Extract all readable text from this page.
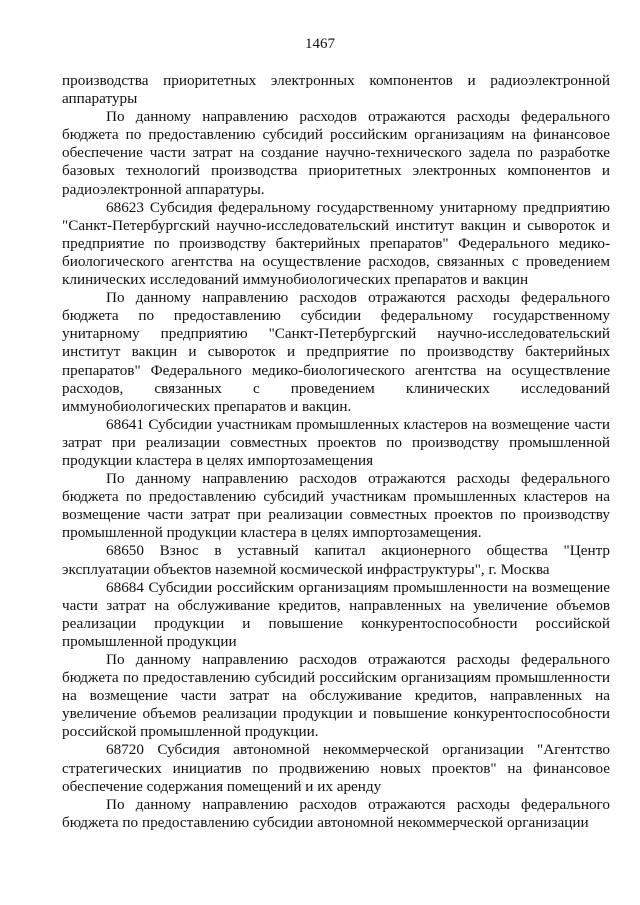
1467

производства приоритетных электронных компонентов и радиоэлектронной аппаратуры

По данному направлению расходов отражаются расходы федерального бюджета по предоставлению субсидий российским организациям на финансовое обеспечение части затрат на создание научно-технического задела по разработке базовых технологий производства приоритетных электронных компонентов и радиоэлектронной аппаратуры.

68623 Субсидия федеральному государственному унитарному предприятию "Санкт-Петербургский научно-исследовательский институт вакцин и сывороток и предприятие по производству бактерийных препаратов" Федерального медико-биологического агентства на осуществление расходов, связанных с проведением клинических исследований иммунобиологических препаратов и вакцин

По данному направлению расходов отражаются расходы федерального бюджета по предоставлению субсидии федеральному государственному унитарному предприятию "Санкт-Петербургский научно-исследовательский институт вакцин и сывороток и предприятие по производству бактерийных препаратов" Федерального медико-биологического агентства на осуществление расходов, связанных с проведением клинических исследований иммунобиологических препаратов и вакцин.

68641 Субсидии участникам промышленных кластеров на возмещение части затрат при реализации совместных проектов по производству промышленной продукции кластера в целях импортозамещения

По данному направлению расходов отражаются расходы федерального бюджета по предоставлению субсидий участникам промышленных кластеров на возмещение части затрат при реализации совместных проектов по производству промышленной продукции кластера в целях импортозамещения.

68650 Взнос в уставный капитал акционерного общества "Центр эксплуатации объектов наземной космической инфраструктуры", г. Москва

68684 Субсидии российским организациям промышленности на возмещение части затрат на обслуживание кредитов, направленных на увеличение объемов реализации продукции и повышение конкурентоспособности российской промышленной продукции

По данному направлению расходов отражаются расходы федерального бюджета по предоставлению субсидий российским организациям промышленности на возмещение части затрат на обслуживание кредитов, направленных на увеличение объемов реализации продукции и повышение конкурентоспособности российской промышленной продукции.

68720 Субсидия автономной некоммерческой организации "Агентство стратегических инициатив по продвижению новых проектов" на финансовое обеспечение содержания помещений и их аренду

По данному направлению расходов отражаются расходы федерального бюджета по предоставлению субсидии автономной некоммерческой организации
